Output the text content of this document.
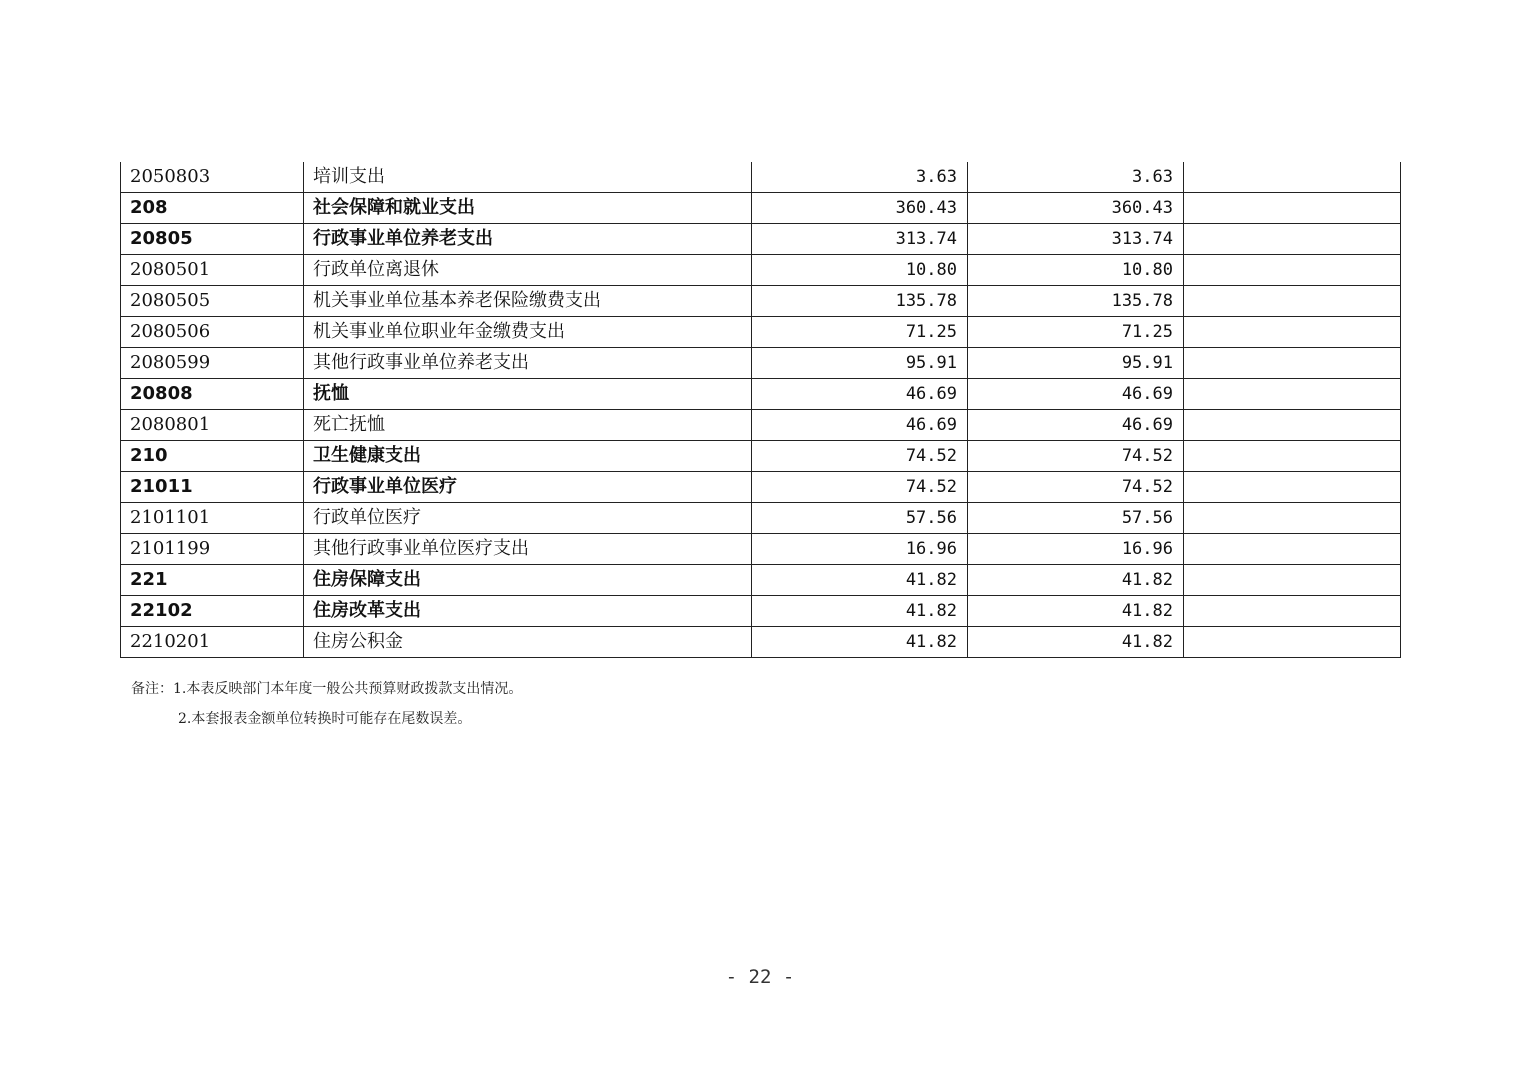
2050803	培训支出	3.63	3.63	
208	社会保障和就业支出	360.43	360.43	
20805	行政事业单位养老支出	313.74	313.74	
2080501	行政单位离退休	10.80	10.80	
2080505	机关事业单位基本养老保险缴费支出	135.78	135.78	
2080506	机关事业单位职业年金缴费支出	71.25	71.25	
2080599	其他行政事业单位养老支出	95.91	95.91	
20808	抚恤	46.69	46.69	
2080801	死亡抚恤	46.69	46.69	
210	卫生健康支出	74.52	74.52	
21011	行政事业单位医疗	74.52	74.52	
2101101	行政单位医疗	57.56	57.56	
2101199	其他行政事业单位医疗支出	16.96	16.96	
221	住房保障支出	41.82	41.82	
22102	住房改革支出	41.82	41.82	
2210201	住房公积金	41.82	41.82	
备注：1.本表反映部门本年度一般公共预算财政拨款支出情况。
2.本套报表金额单位转换时可能存在尾数误差。
- 22 -
